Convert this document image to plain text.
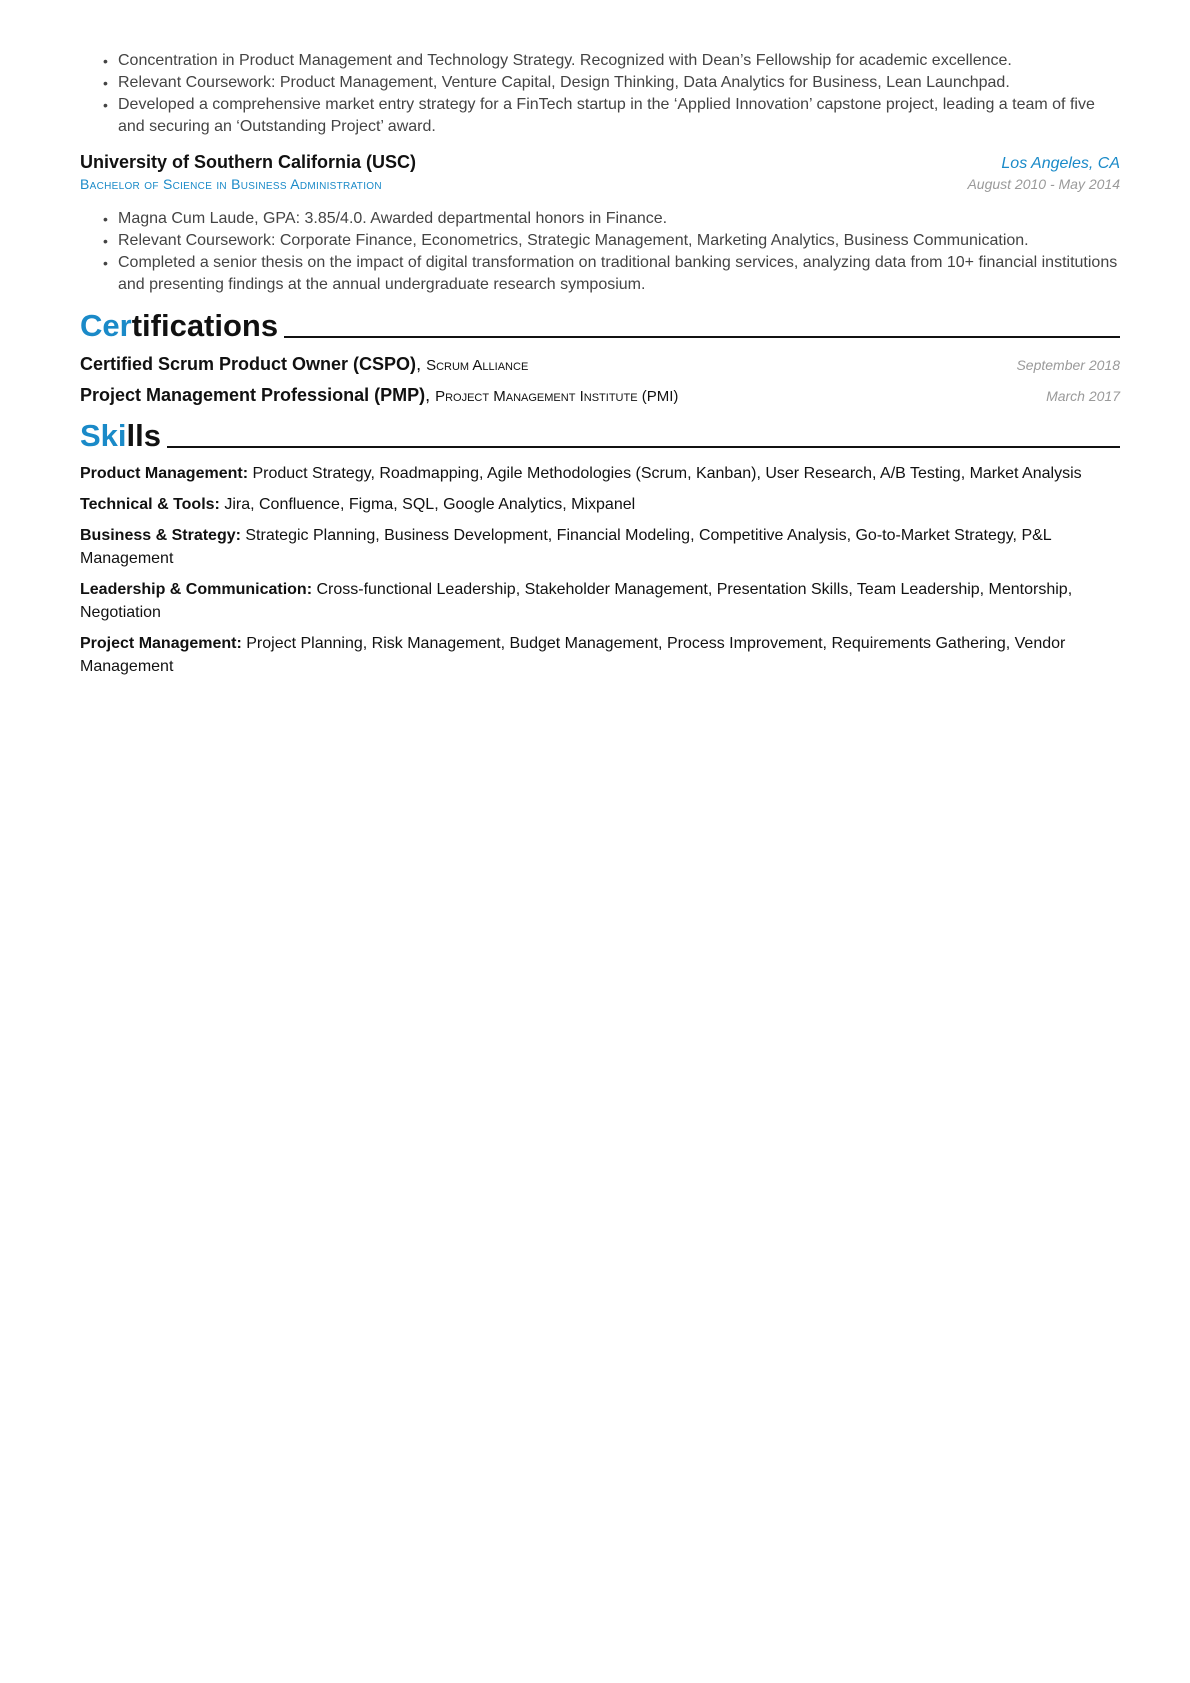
• Concentration in Product Management and Technology Strategy. Recognized with Dean’s Fellowship for academic excellence.
• Relevant Coursework: Product Management, Venture Capital, Design Thinking, Data Analytics for Business, Lean Launchpad.
• Developed a comprehensive market entry strategy for a FinTech startup in the ‘Applied Innovation’ capstone project, leading a team of five and securing an ‘Outstanding Project’ award.
University of Southern California (USC)	Los Angeles, CA
Bachelor of Science in Business Administration	August 2010 - May 2014
• Magna Cum Laude, GPA: 3.85/4.0. Awarded departmental honors in Finance.
• Relevant Coursework: Corporate Finance, Econometrics, Strategic Management, Marketing Analytics, Business Communication.
• Completed a senior thesis on the impact of digital transformation on traditional banking services, analyzing data from 10+ financial institutions and presenting findings at the annual undergraduate research symposium.
Certifications
Certified Scrum Product Owner (CSPO), Scrum Alliance	September 2018
Project Management Professional (PMP), Project Management Institute (PMI)	March 2017
Skills
Product Management: Product Strategy, Roadmapping, Agile Methodologies (Scrum, Kanban), User Research, A/B Testing, Market Analysis
Technical & Tools: Jira, Confluence, Figma, SQL, Google Analytics, Mixpanel
Business & Strategy: Strategic Planning, Business Development, Financial Modeling, Competitive Analysis, Go-to-Market Strategy, P&L Management
Leadership & Communication: Cross-functional Leadership, Stakeholder Management, Presentation Skills, Team Leadership, Mentorship, Negotiation
Project Management: Project Planning, Risk Management, Budget Management, Process Improvement, Requirements Gathering, Vendor Management
